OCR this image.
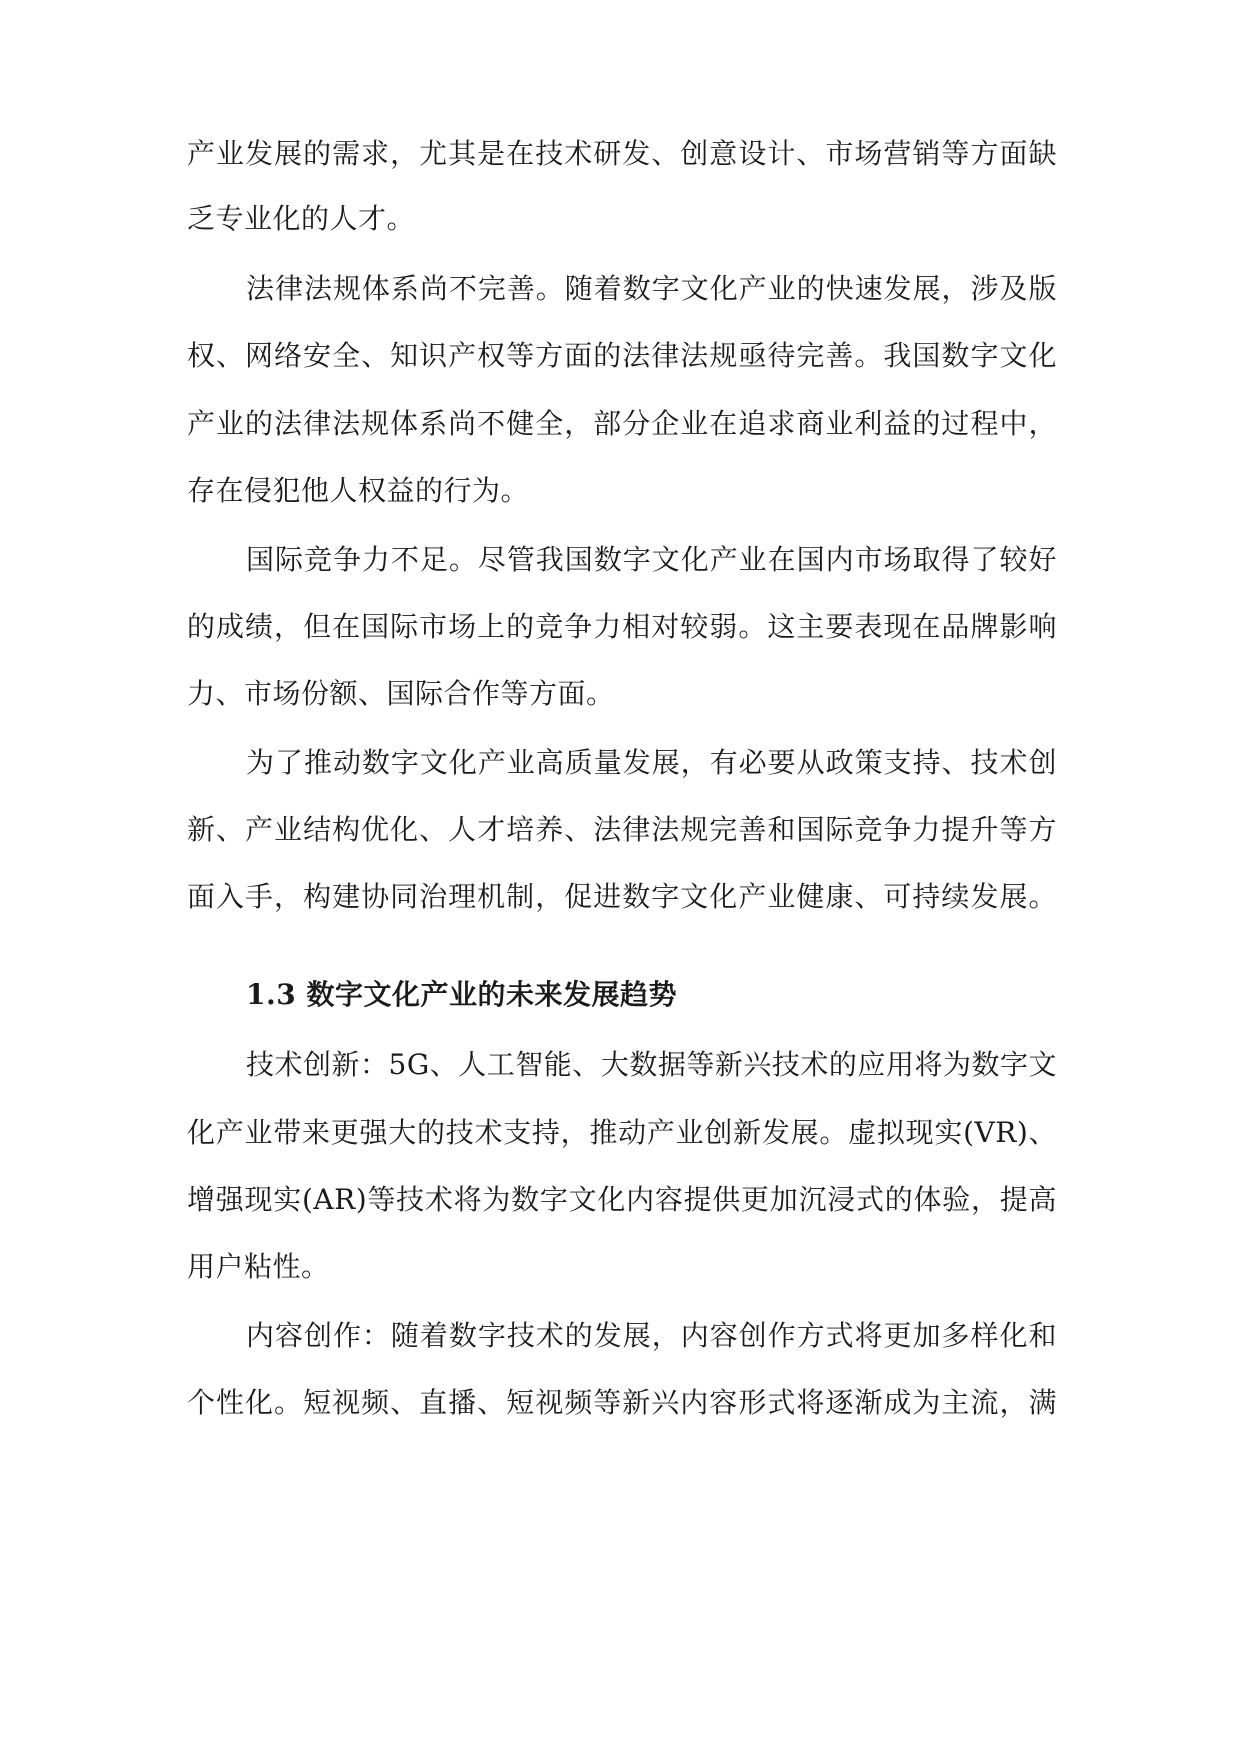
产业发展的需求，尤其是在技术研发、创意设计、市场营销等方面缺
乏专业化的人才。
法律法规体系尚不完善。随着数字文化产业的快速发展，涉及版
权、网络安全、知识产权等方面的法律法规亟待完善。我国数字文化
产业的法律法规体系尚不健全，部分企业在追求商业利益的过程中，
存在侵犯他人权益的行为。
国际竞争力不足。尽管我国数字文化产业在国内市场取得了较好
的成绩，但在国际市场上的竞争力相对较弱。这主要表现在品牌影响
力、市场份额、国际合作等方面。
为了推动数字文化产业高质量发展，有必要从政策支持、技术创
新、产业结构优化、人才培养、法律法规完善和国际竞争力提升等方
面入手，构建协同治理机制，促进数字文化产业健康、可持续发展。
1.3 数字文化产业的未来发展趋势
技术创新：5G、人工智能、大数据等新兴技术的应用将为数字文
化产业带来更强大的技术支持，推动产业创新发展。虚拟现实(VR)、
增强现实(AR)等技术将为数字文化内容提供更加沉浸式的体验，提高
用户粘性。
内容创作：随着数字技术的发展，内容创作方式将更加多样化和
个性化。短视频、直播、短视频等新兴内容形式将逐渐成为主流，满
